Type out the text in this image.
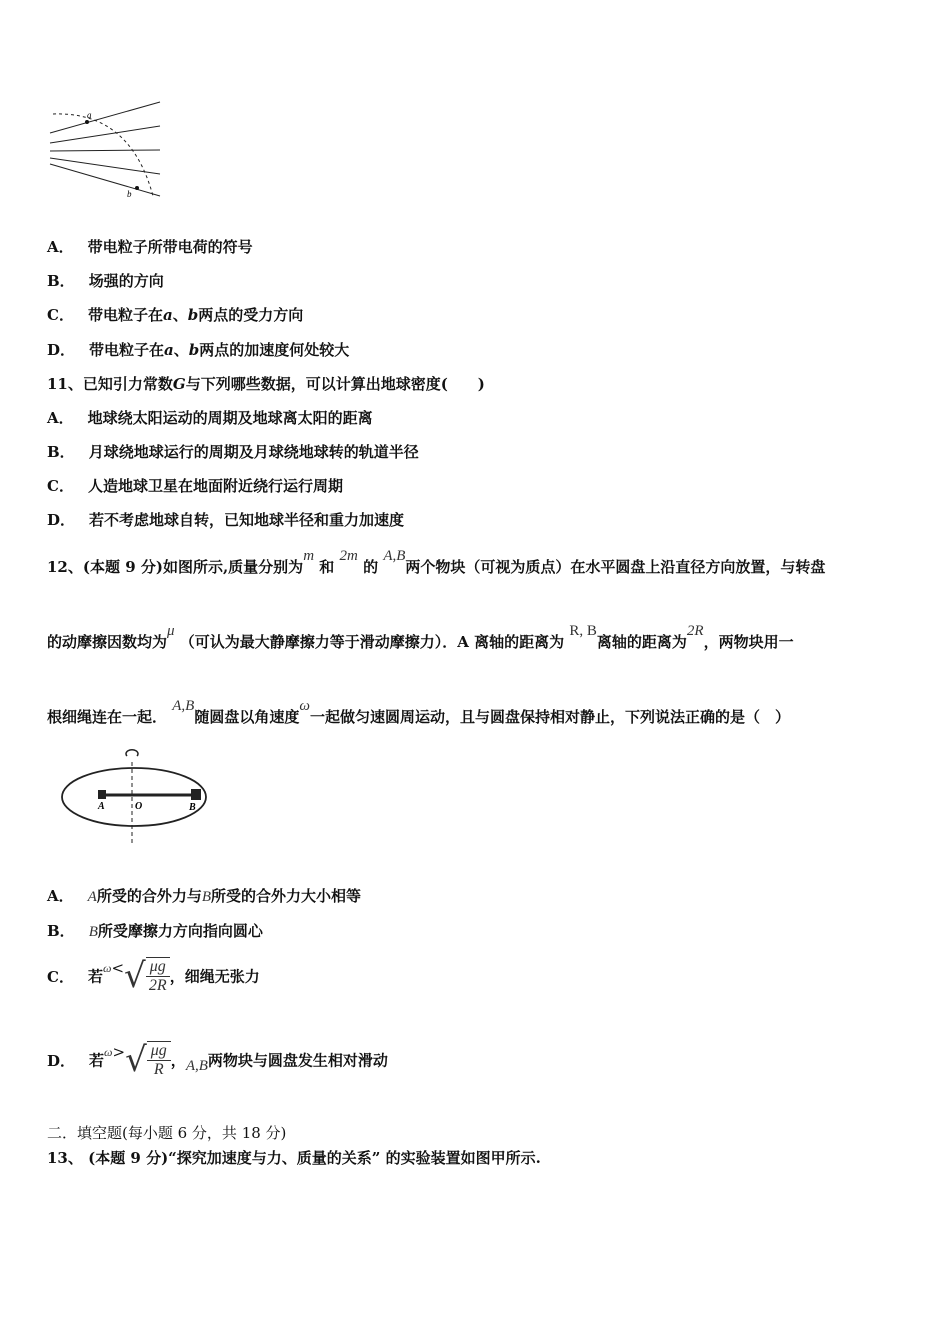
a
b
A． 带电粒子所带电荷的符号
B． 场强的方向
C． 带电粒子在a、b两点的受力方向
D． 带电粒子在a、b两点的加速度何处较大
11、已知引力常数G与下列哪些数据，可以计算出地球密度(　　)
A． 地球绕太阳运动的周期及地球离太阳的距离
B． 月球绕地球运行的周期及月球绕地球转的轨道半径
C． 人造地球卫星在地面附近绕行运行周期
D． 若不考虑地球自转，已知地球半径和重力加速度
12、(本题 9 分)如图所示,质量分别为m 和 2m 的 A,B两个物块（可视为质点）在水平圆盘上沿直径方向放置，与转盘
的动摩擦因数均为μ （可认为最大静摩擦力等于滑动摩擦力）．A 离轴的距离为 R, B离轴的距离为2R，两物块用一
根细绳连在一起． A,B随圆盘以角速度ω一起做匀速圆周运动，且与圆盘保持相对静止，下列说法正确的是（　）
A	O	B
A． A所受的合外力与B所受的合外力大小相等
B． B所受摩擦力方向指向圆心
C． 若$^\omega<√ \frac{\mu g}{2R}$ ，细绳无张力
D． 若$^\omega>√ \frac{\mu g}{R}$ ，A,B两物块与圆盘发生相对滑动
二．填空题(每小题 6 分，共 18 分)
13、 (本题 9 分)“探究加速度与力、质量的关系” 的实验装置如图甲所示.
